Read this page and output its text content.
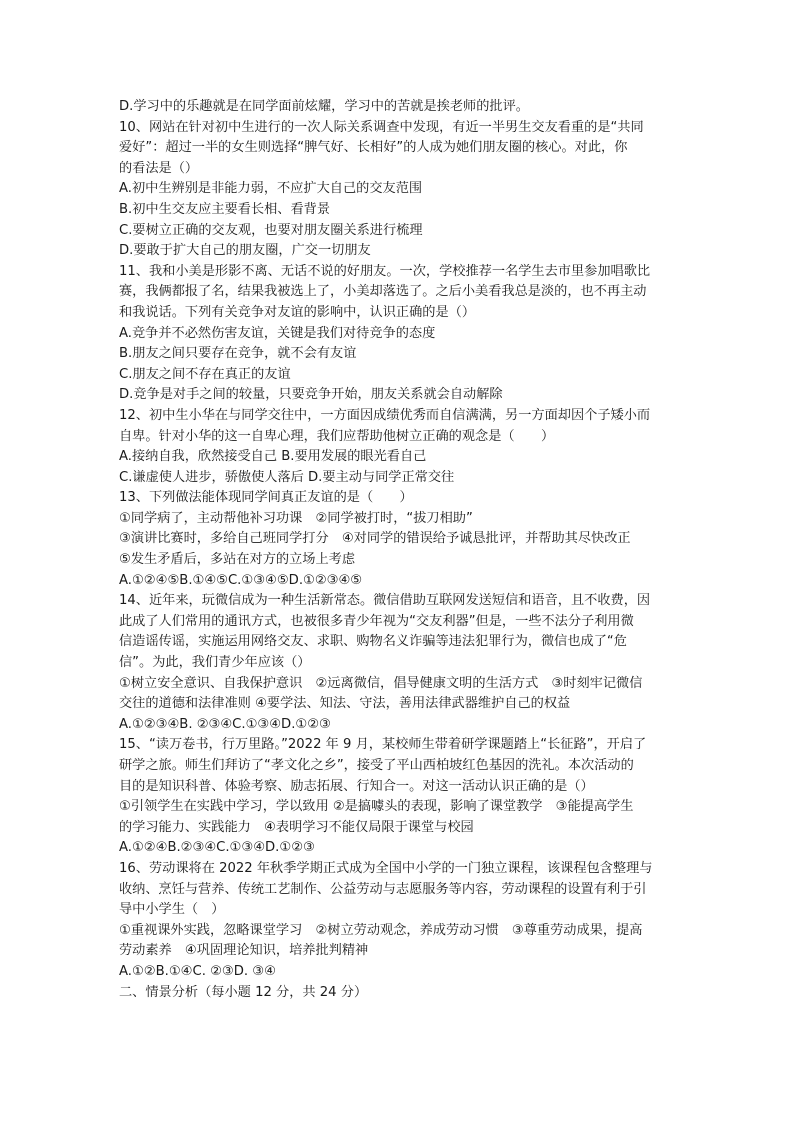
D.学习中的乐趣就是在同学面前炫耀，学习中的苦就是挨老师的批评。
10、网站在针对初中生进行的一次人际关系调查中发现，有近一半男生交友看重的是“共同
爱好”：超过一半的女生则选择“脾气好、长相好”的人成为她们朋友圈的核心。对此，你
的看法是（）
A.初中生辨别是非能力弱，不应扩大自己的交友范围
B.初中生交友应主要看长相、看背景
C.要树立正确的交友观，也要对朋友圈关系进行梳理
D.要敢于扩大自己的朋友圈，广交一切朋友
11、我和小美是形影不离、无话不说的好朋友。一次，学校推荐一名学生去市里参加唱歌比
赛，我俩都报了名，结果我被选上了，小美却落选了。之后小美看我总是淡的，也不再主动
和我说话。下列有关竞争对友谊的影响中，认识正确的是（）
A.竞争并不必然伤害友谊，关键是我们对待竞争的态度
B.朋友之间只要存在竞争，就不会有友谊
C.朋友之间不存在真正的友谊
D.竞争是对手之间的较量，只要竞争开始，朋友关系就会自动解除
12、初中生小华在与同学交往中，一方面因成绩优秀而自信满满，另一方面却因个子矮小而
自卑。针对小华的这一自卑心理，我们应帮助他树立正确的观念是（　　）
A.接纳自我，欣然接受自己 B.要用发展的眼光看自己
C.谦虚使人进步，骄傲使人落后 D.要主动与同学正常交往
13、下列做法能体现同学间真正友谊的是（　　）
①同学病了，主动帮他补习功课　②同学被打时，“拔刀相助”
③演讲比赛时，多给自己班同学打分　④对同学的错误给予诚恳批评，并帮助其尽快改正
⑤发生矛盾后，多站在对方的立场上考虑
A.①②④⑤B.①④⑤C.①③④⑤D.①②③④⑤
14、近年来，玩微信成为一种生活新常态。微信借助互联网发送短信和语音，且不收费，因
此成了人们常用的通讯方式，也被很多青少年视为“交友利器”但是，一些不法分子利用微
信造谣传谣，实施运用网络交友、求职、购物名义诈骗等违法犯罪行为，微信也成了“危
信”。为此，我们青少年应该（）
①树立安全意识、自我保护意识　②远离微信，倡导健康文明的生活方式　③时刻牢记微信
交往的道德和法律准则 ④要学法、知法、守法，善用法律武器维护自己的权益
A.①②③④B. ②③④C.①③④D.①②③
15、“读万卷书，行万里路。”2022 年 9 月，某校师生带着研学课题踏上“长征路”，开启了
研学之旅。师生们拜访了“孝文化之乡”，接受了平山西柏坡红色基因的洗礼。本次活动的
目的是知识科普、体验考察、励志拓展、行知合一。对这一活动认识正确的是（）
①引领学生在实践中学习，学以致用 ②是搞噱头的表现，影响了课堂教学　③能提高学生
的学习能力、实践能力　④表明学习不能仅局限于课堂与校园
A.①②④B.②③④C.①③④D.①②③
16、劳动课将在 2022 年秋季学期正式成为全国中小学的一门独立课程，该课程包含整理与
收纳、烹饪与营养、传统工艺制作、公益劳动与志愿服务等内容，劳动课程的设置有利于引
导中小学生（　）
①重视课外实践，忽略课堂学习　②树立劳动观念，养成劳动习惯　③尊重劳动成果，提高
劳动素养　④巩固理论知识，培养批判精神
A.①②B.①④C. ②③D. ③④
二、情景分析（每小题 12 分，共 24 分）
